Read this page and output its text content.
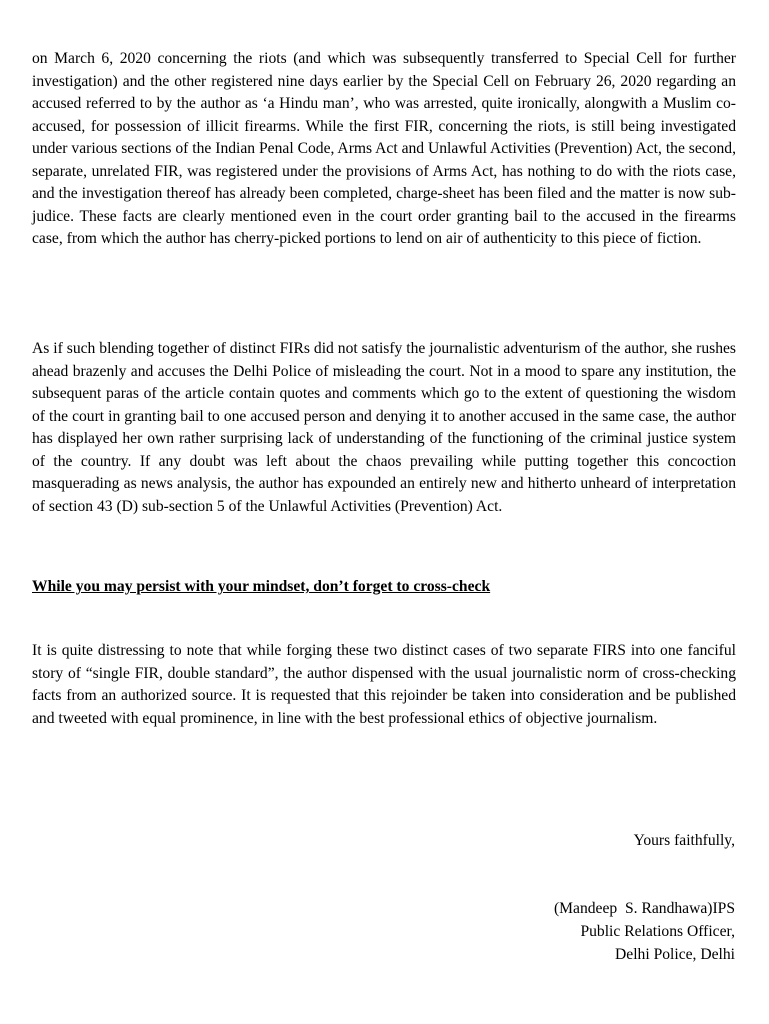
on March 6, 2020 concerning the riots (and which was subsequently transferred to Special Cell for further investigation) and the other registered nine days earlier by the Special Cell on February 26, 2020 regarding an accused referred to by the author as ‘a Hindu man’, who was arrested, quite ironically, alongwith a Muslim co-accused, for possession of illicit firearms. While the first FIR, concerning the riots, is still being investigated under various sections of the Indian Penal Code, Arms Act and Unlawful Activities (Prevention) Act, the second, separate, unrelated FIR, was registered under the provisions of Arms Act, has nothing to do with the riots case, and the investigation thereof has already been completed, charge-sheet has been filed and the matter is now sub-judice. These facts are clearly mentioned even in the court order granting bail to the accused in the firearms case, from which the author has cherry-picked portions to lend on air of authenticity to this piece of fiction.

As if such blending together of distinct FIRs did not satisfy the journalistic adventurism of the author, she rushes ahead brazenly and accuses the Delhi Police of misleading the court. Not in a mood to spare any institution, the subsequent paras of the article contain quotes and comments which go to the extent of questioning the wisdom of the court in granting bail to one accused person and denying it to another accused in the same case, the author has displayed her own rather surprising lack of understanding of the functioning of the criminal justice system of the country. If any doubt was left about the chaos prevailing while putting together this concoction masquerading as news analysis, the author has expounded an entirely new and hitherto unheard of interpretation of section 43 (D) sub-section 5 of the Unlawful Activities (Prevention) Act.

While you may persist with your mindset, don’t forget to cross-check

It is quite distressing to note that while forging these two distinct cases of two separate FIRS into one fanciful story of “single FIR, double standard”, the author dispensed with the usual journalistic norm of cross-checking facts from an authorized source. It is requested that this rejoinder be taken into consideration and be published and tweeted with equal prominence, in line with the best professional ethics of objective journalism.

Yours faithfully,

(Mandeep  S. Randhawa)IPS

Public Relations Officer,

Delhi Police, Delhi
